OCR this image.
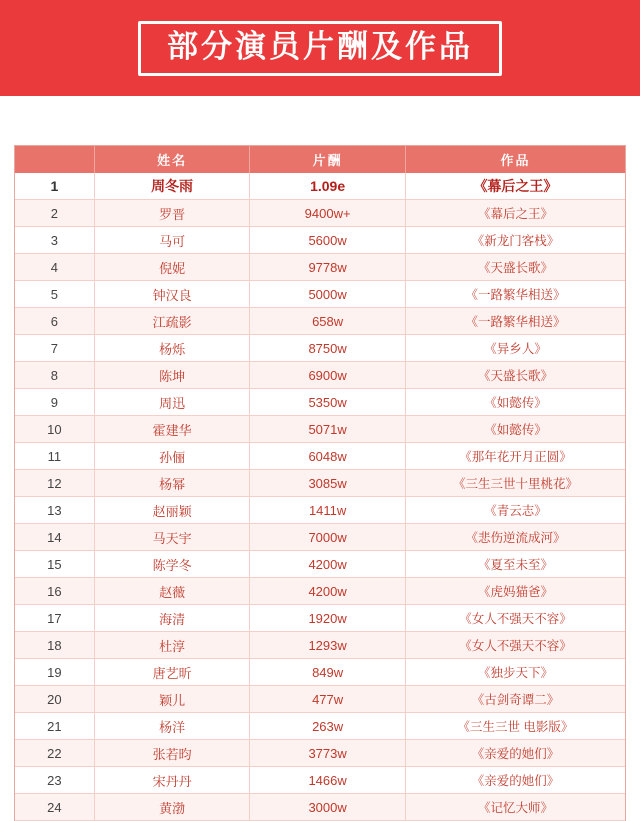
部分演员片酬及作品
	姓名	片酬	作品
1	周冬雨	1.09e	《幕后之王》
2	罗晋	9400w+	《幕后之王》
3	马可	5600w	《新龙门客栈》
4	倪妮	9778w	《天盛长歌》
5	钟汉良	5000w	《一路繁华相送》
6	江疏影	658w	《一路繁华相送》
7	杨烁	8750w	《异乡人》
8	陈坤	6900w	《天盛长歌》
9	周迅	5350w	《如懿传》
10	霍建华	5071w	《如懿传》
11	孙俪	6048w	《那年花开月正圆》
12	杨幂	3085w	《三生三世十里桃花》
13	赵丽颖	1411w	《青云志》
14	马天宇	7000w	《悲伤逆流成河》
15	陈学冬	4200w	《夏至未至》
16	赵薇	4200w	《虎妈猫爸》
17	海清	1920w	《女人不强天不容》
18	杜淳	1293w	《女人不强天不容》
19	唐艺昕	849w	《独步天下》
20	颖儿	477w	《古剑奇谭二》
21	杨洋	263w	《三生三世 电影版》
22	张若昀	3773w	《亲爱的她们》
23	宋丹丹	1466w	《亲爱的她们》
24	黄渤	3000w	《记忆大师》
